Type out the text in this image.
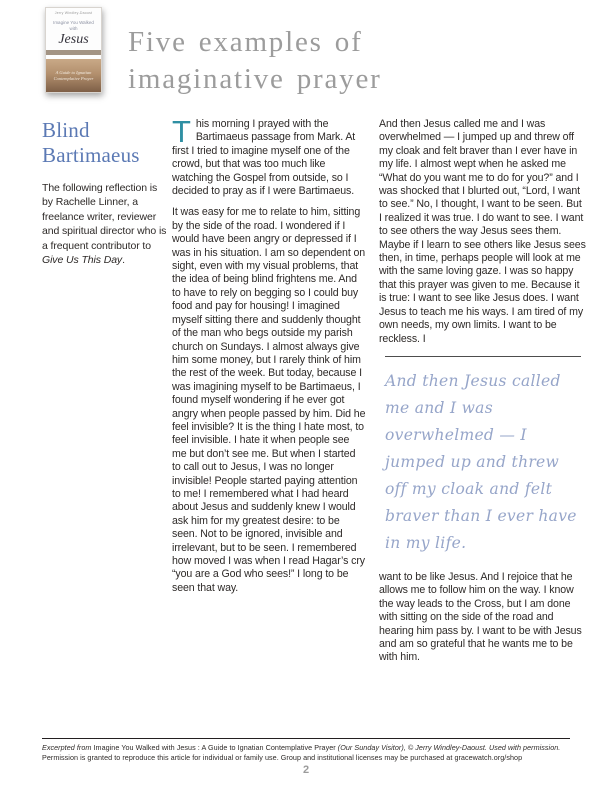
Jerry Windley-Daoust
Imagine You Walked with
Jesus
A Guide to Ignatian Contemplative Prayer
Five examples of
imaginative prayer
Blind Bartimaeus

The following reflection is by Rachelle Linner, a freelance writer, reviewer and spiritual director who is a frequent contributor to Give Us This Day.

This morning I prayed with the Bartimaeus passage from Mark. At first I tried to imagine myself one of the crowd, but that was too much like watching the Gospel from outside, so I decided to pray as if I were Bartimaeus.

It was easy for me to relate to him, sitting by the side of the road. I wondered if I would have been angry or depressed if I was in his situation. I am so dependent on sight, even with my visual problems, that the idea of being blind frightens me. And to have to rely on begging so I could buy food and pay for housing! I imagined myself sitting there and suddenly thought of the man who begs outside my parish church on Sundays. I almost always give him some money, but I rarely think of him the rest of the week. But today, because I was imagining myself to be Bartimaeus, I found myself wondering if he ever got angry when people passed by him. Did he feel invisible? It is the thing I hate most, to feel invisible. I hate it when people see me but don’t see me. But when I started to call out to Jesus, I was no longer invisible! People started paying attention to me! I remembered what I had heard about Jesus and suddenly knew I would ask him for my greatest desire: to be seen. Not to be ignored, invisible and irrelevant, but to be seen. I remembered how moved I was when I read Hagar’s cry “you are a God who sees!” I long to be seen that way.

And then Jesus called me and I was overwhelmed — I jumped up and threw off my cloak and felt braver than I ever have in my life. I almost wept when he asked me “What do you want me to do for you?” and I was shocked that I blurted out, “Lord, I want to see.” No, I thought, I want to be seen. But I realized it was true. I do want to see. I want to see others the way Jesus sees them. Maybe if I learn to see others like Jesus sees then, in time, perhaps people will look at me with the same loving gaze. I was so happy that this prayer was given to me. Because it is true: I want to see like Jesus does. I want Jesus to teach me his ways. I am tired of my own needs, my own limits. I want to be reckless. I

And then Jesus called me and I was overwhelmed — I jumped up and threw off my cloak and felt braver than I ever have in my life.

want to be like Jesus. And I rejoice that he allows me to follow him on the way. I know the way leads to the Cross, but I am done with sitting on the side of the road and hearing him pass by. I want to be with Jesus and am so grateful that he wants me to be with him.

Excerpted from Imagine You Walked with Jesus : A Guide to Ignatian Contemplative Prayer (Our Sunday Visitor), © Jerry Windley-Daoust. Used with permission.

Permission is granted to reproduce this article for individual or family use. Group and institutional licenses may be purchased at gracewatch.org/shop

2
